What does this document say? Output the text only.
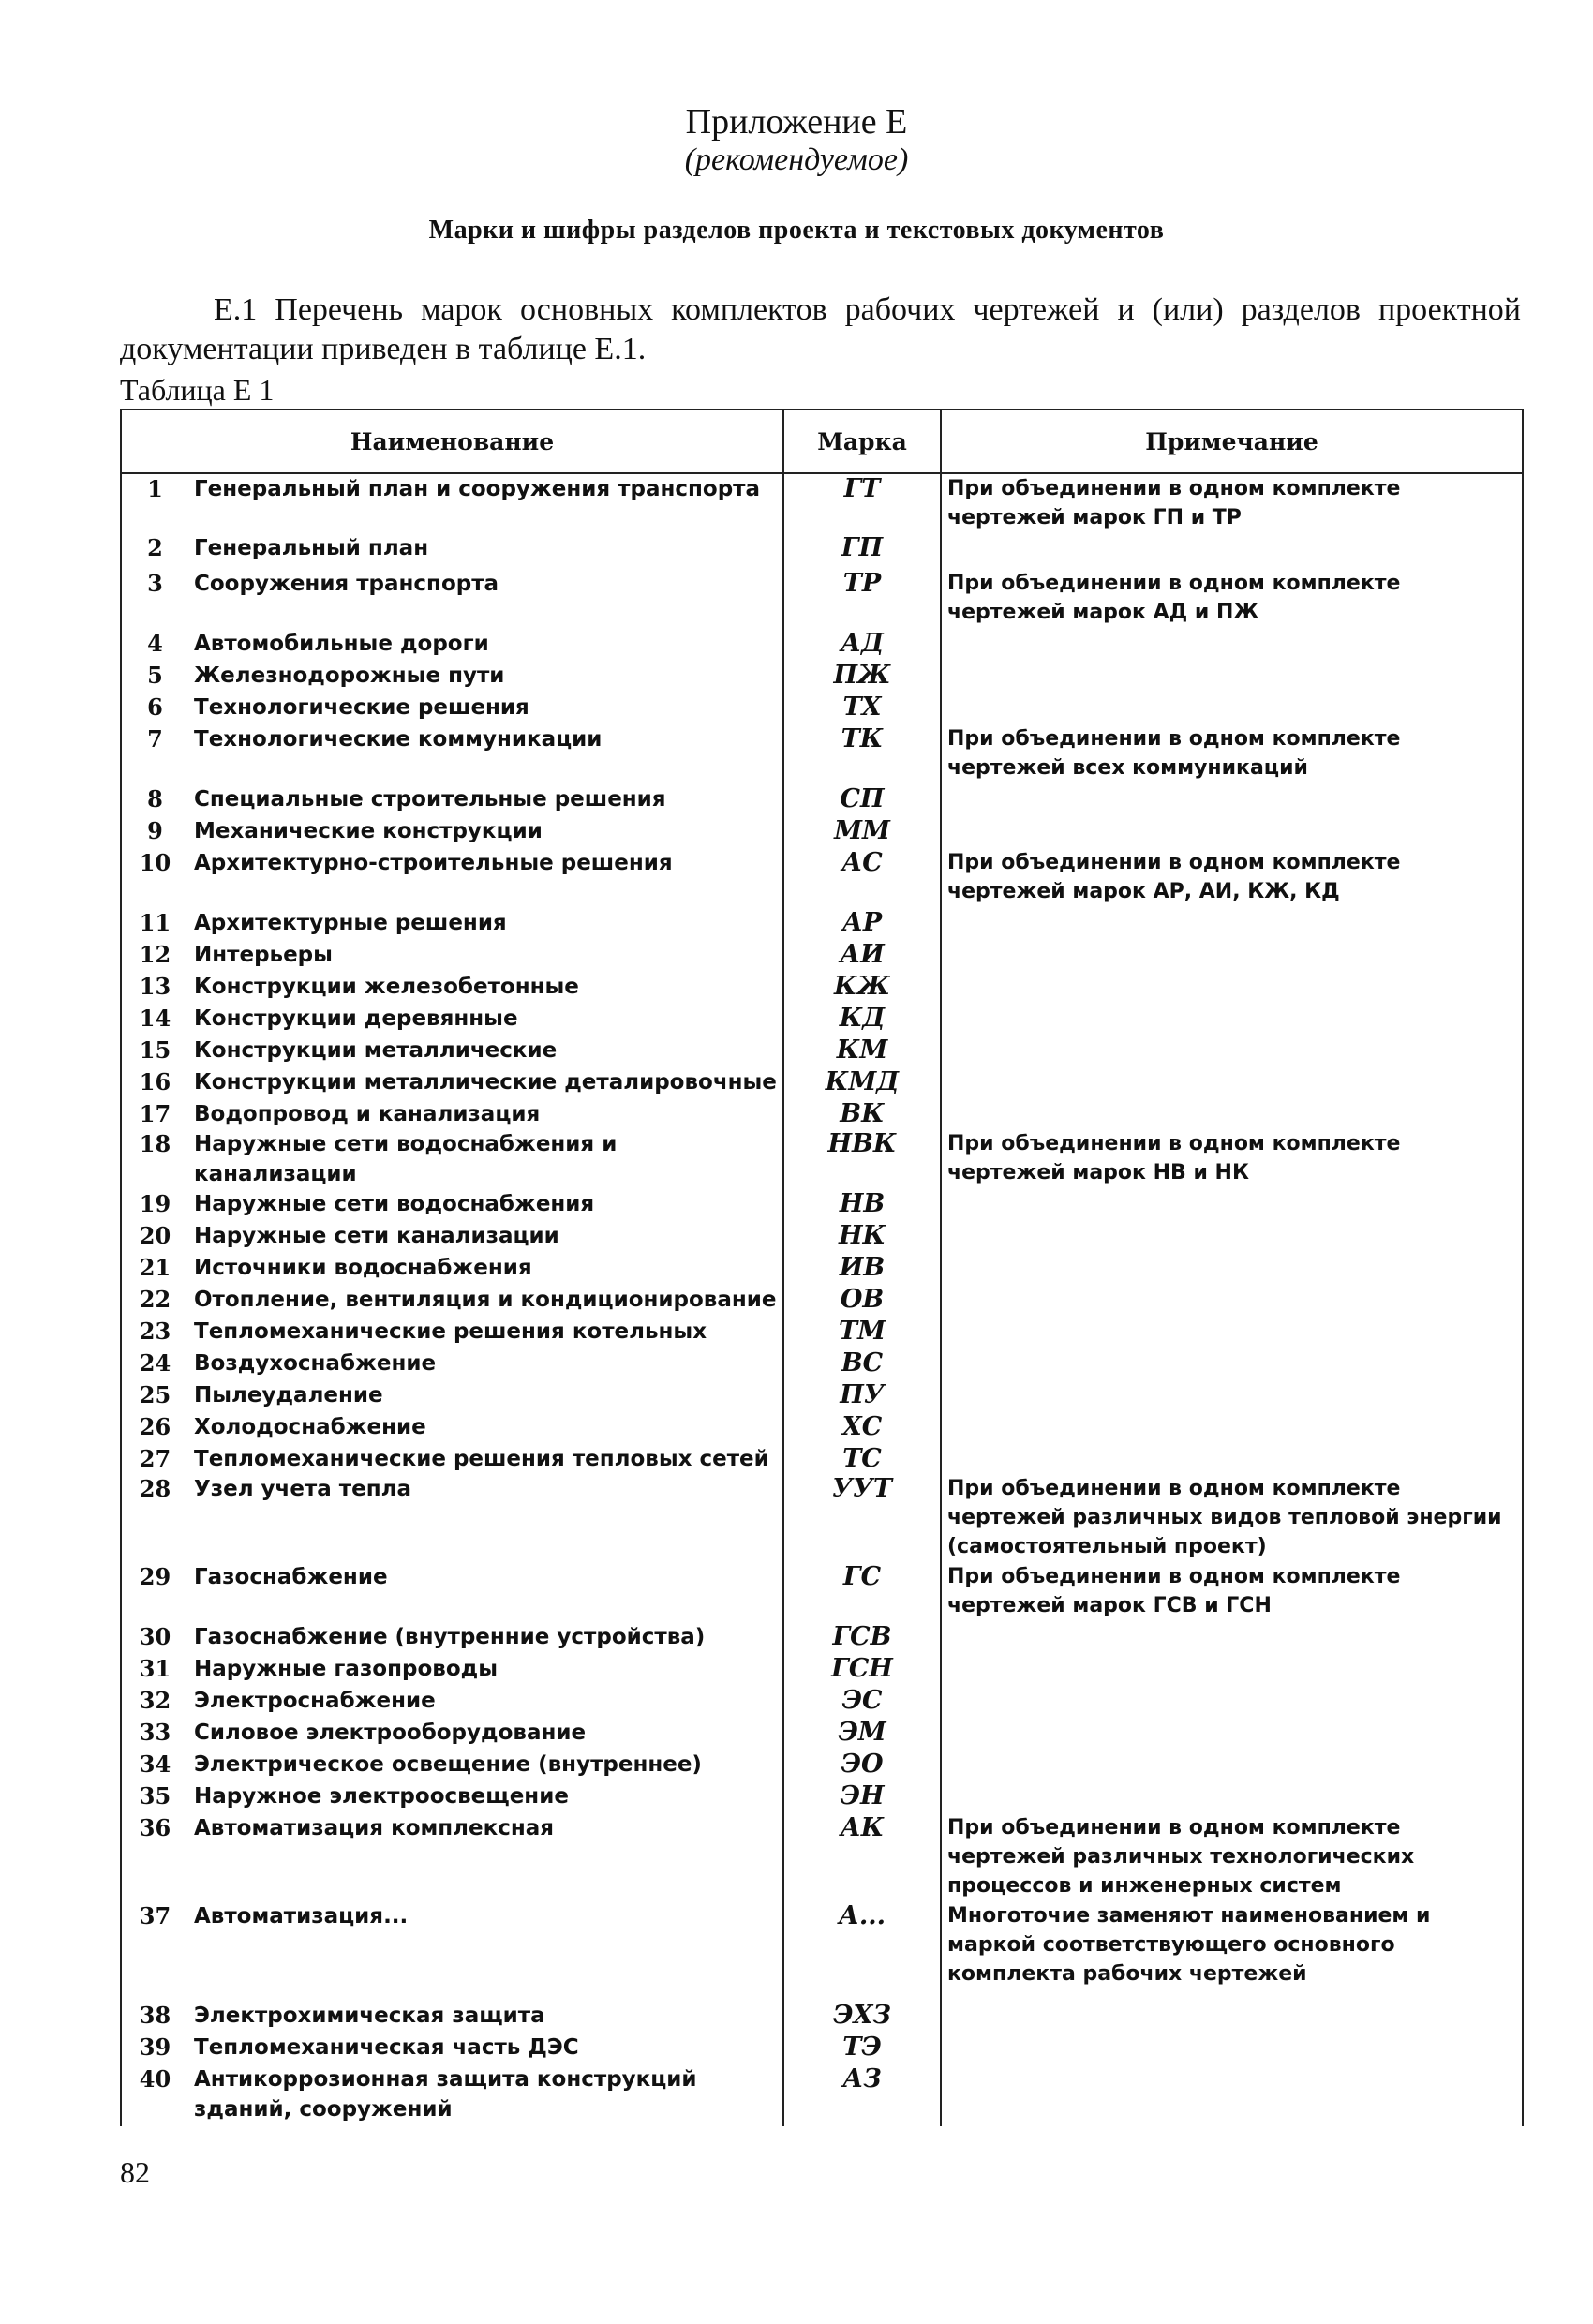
Приложение Е
(рекомендуемое)
Марки и шифры разделов проекта и текстовых документов
Е.1 Перечень марок основных комплектов рабочих чертежей и (или) разделов проектной документации приведен в таблице Е.1.
Таблица Е 1
Наименование		Марка	Примечание
1	Генеральный план и сооружения транспорта	ГТ	При объединении в одном комплекте чертежей марок ГП и ТР
2	Генеральный план	ГП	
3	Сооружения транспорта	ТР	При объединении в одном комплекте чертежей марок АД и ПЖ
4	Автомобильные дороги	АД	
5	Железнодорожные пути	ПЖ	
6	Технологические решения	ТХ	
7	Технологические коммуникации	ТК	При объединении в одном комплекте чертежей всех коммуникаций
8	Специальные строительные решения	СП	
9	Механические конструкции	ММ	
10	Архитектурно-строительные решения	АС	При объединении в одном комплекте чертежей марок АР, АИ, КЖ, КД
11	Архитектурные решения	АР	
12	Интерьеры	АИ	
13	Конструкции железобетонные	КЖ	
14	Конструкции деревянные	КД	
15	Конструкции металлические	КМ	
16	Конструкции металлические деталировочные	КМД	
17	Водопровод и канализация	ВК	
18	Наружные сети водоснабжения и канализации	НВК	При объединении в одном комплекте чертежей марок НВ и НК
19	Наружные сети водоснабжения	НВ	
20	Наружные сети канализации	НК	
21	Источники водоснабжения	ИВ	
22	Отопление, вентиляция и кондиционирование	ОВ	
23	Тепломеханические решения котельных	ТМ	
24	Воздухоснабжение	ВС	
25	Пылеудаление	ПУ	
26	Холодоснабжение	ХС	
27	Тепломеханические решения тепловых сетей	ТС	
28	Узел учета тепла	УУТ	При объединении в одном комплекте чертежей различных видов тепловой энергии (самостоятельный проект)
29	Газоснабжение	ГС	При объединении в одном комплекте чертежей марок ГСВ и ГСН
30	Газоснабжение (внутренние устройства)	ГСВ	
31	Наружные газопроводы	ГСН	
32	Электроснабжение	ЭС	
33	Силовое электрооборудование	ЭМ	
34	Электрическое освещение (внутреннее)	ЭО	
35	Наружное электроосвещение	ЭН	
36	Автоматизация комплексная	АК	При объединении в одном комплекте чертежей различных технологических процессов и инженерных систем
37	Автоматизация...	А...	Многоточие заменяют наименованием и маркой соответствующего основного комплекта рабочих чертежей
38	Электрохимическая защита	ЭХЗ	
39	Тепломеханическая часть ДЭС	ТЭ	
40	Антикоррозионная защита конструкций зданий, сооружений	АЗ	
82
